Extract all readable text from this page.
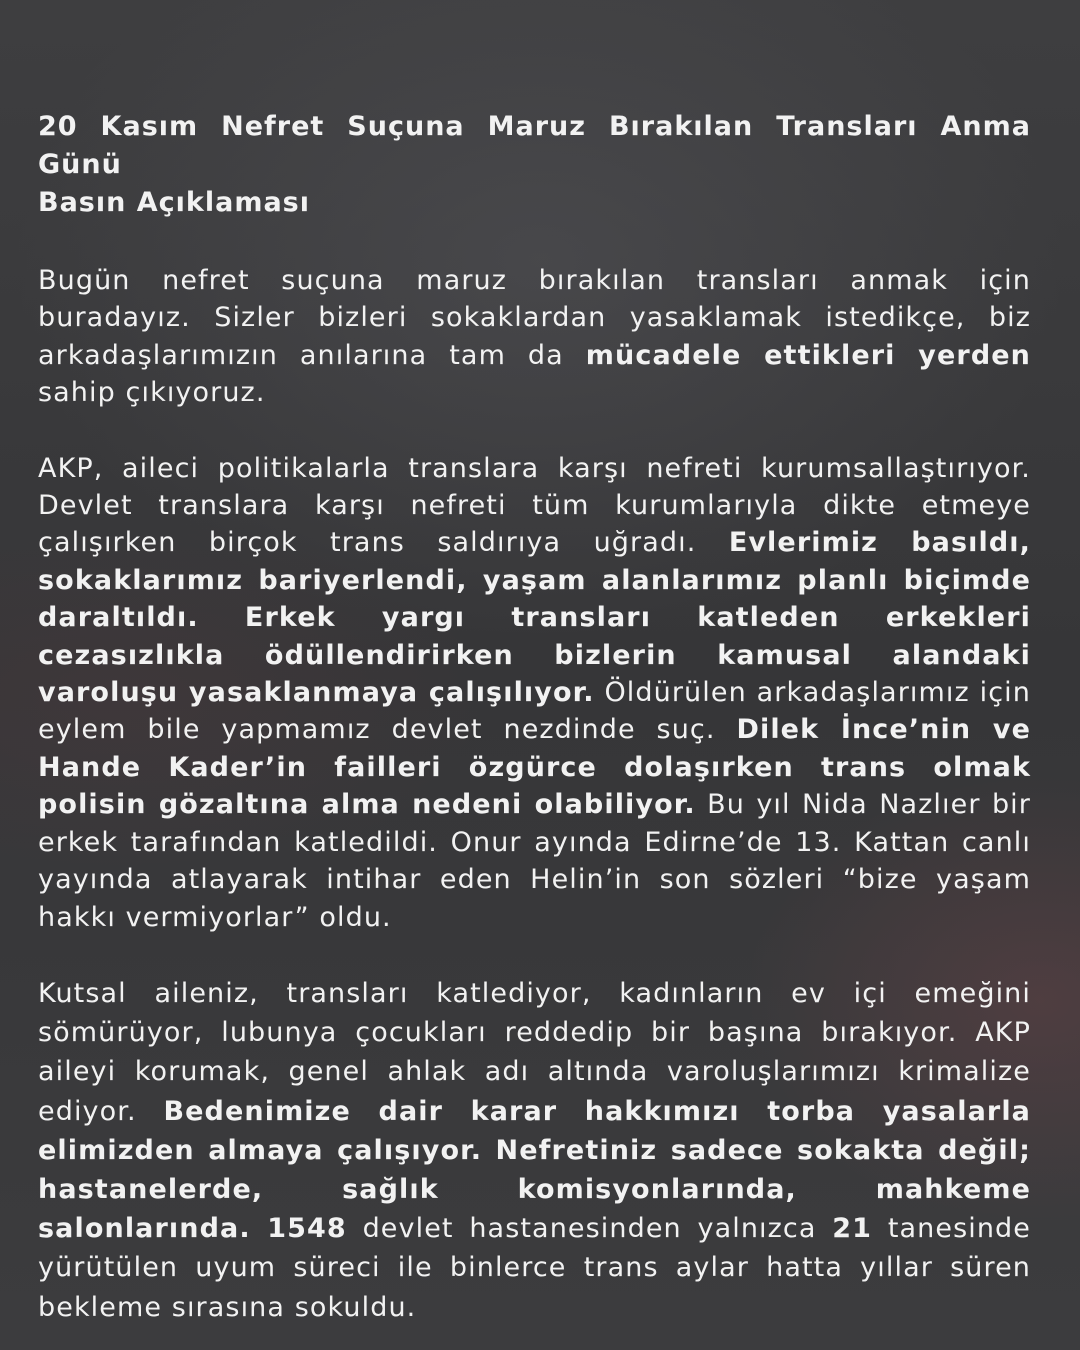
20 Kasım Nefret Suçuna Maruz Bırakılan Transları Anma Günü
Basın Açıklaması

Bugün nefret suçuna maruz bırakılan transları anmak için buradayız. Sizler bizleri sokaklardan yasaklamak istedikçe, biz arkadaşlarımızın anılarına tam da mücadele ettikleri yerden sahip çıkıyoruz.

AKP, aileci politikalarla translara karşı nefreti kurumsallaştırıyor. Devlet translara karşı nefreti tüm kurumlarıyla dikte etmeye çalışırken birçok trans saldırıya uğradı. Evlerimiz basıldı, sokaklarımız bariyerlendi, yaşam alanlarımız planlı biçimde daraltıldı. Erkek yargı transları katleden erkekleri cezasızlıkla ödüllendirirken bizlerin kamusal alandaki varoluşu yasaklanmaya çalışılıyor. Öldürülen arkadaşlarımız için eylem bile yapmamız devlet nezdinde suç. Dilek İnce’nin ve Hande Kader’in failleri özgürce dolaşırken trans olmak polisin gözaltına alma nedeni olabiliyor. Bu yıl Nida Nazlıer bir erkek tarafından katledildi. Onur ayında Edirne’de 13. Kattan canlı yayında atlayarak intihar eden Helin’in son sözleri “bize yaşam hakkı vermiyorlar” oldu.

Kutsal aileniz, transları katlediyor, kadınların ev içi emeğini sömürüyor, lubunya çocukları reddedip bir başına bırakıyor. AKP aileyi korumak, genel ahlak adı altında varoluşlarımızı krimalize ediyor. Bedenimize dair karar hakkımızı torba yasalarla elimizden almaya çalışıyor. Nefretiniz sadece sokakta değil; hastanelerde, sağlık komisyonlarında, mahkeme salonlarında. 1548 devlet hastanesinden yalnızca 21 tanesinde yürütülen uyum süreci ile binlerce trans aylar hatta yıllar süren bekleme sırasına sokuldu.
